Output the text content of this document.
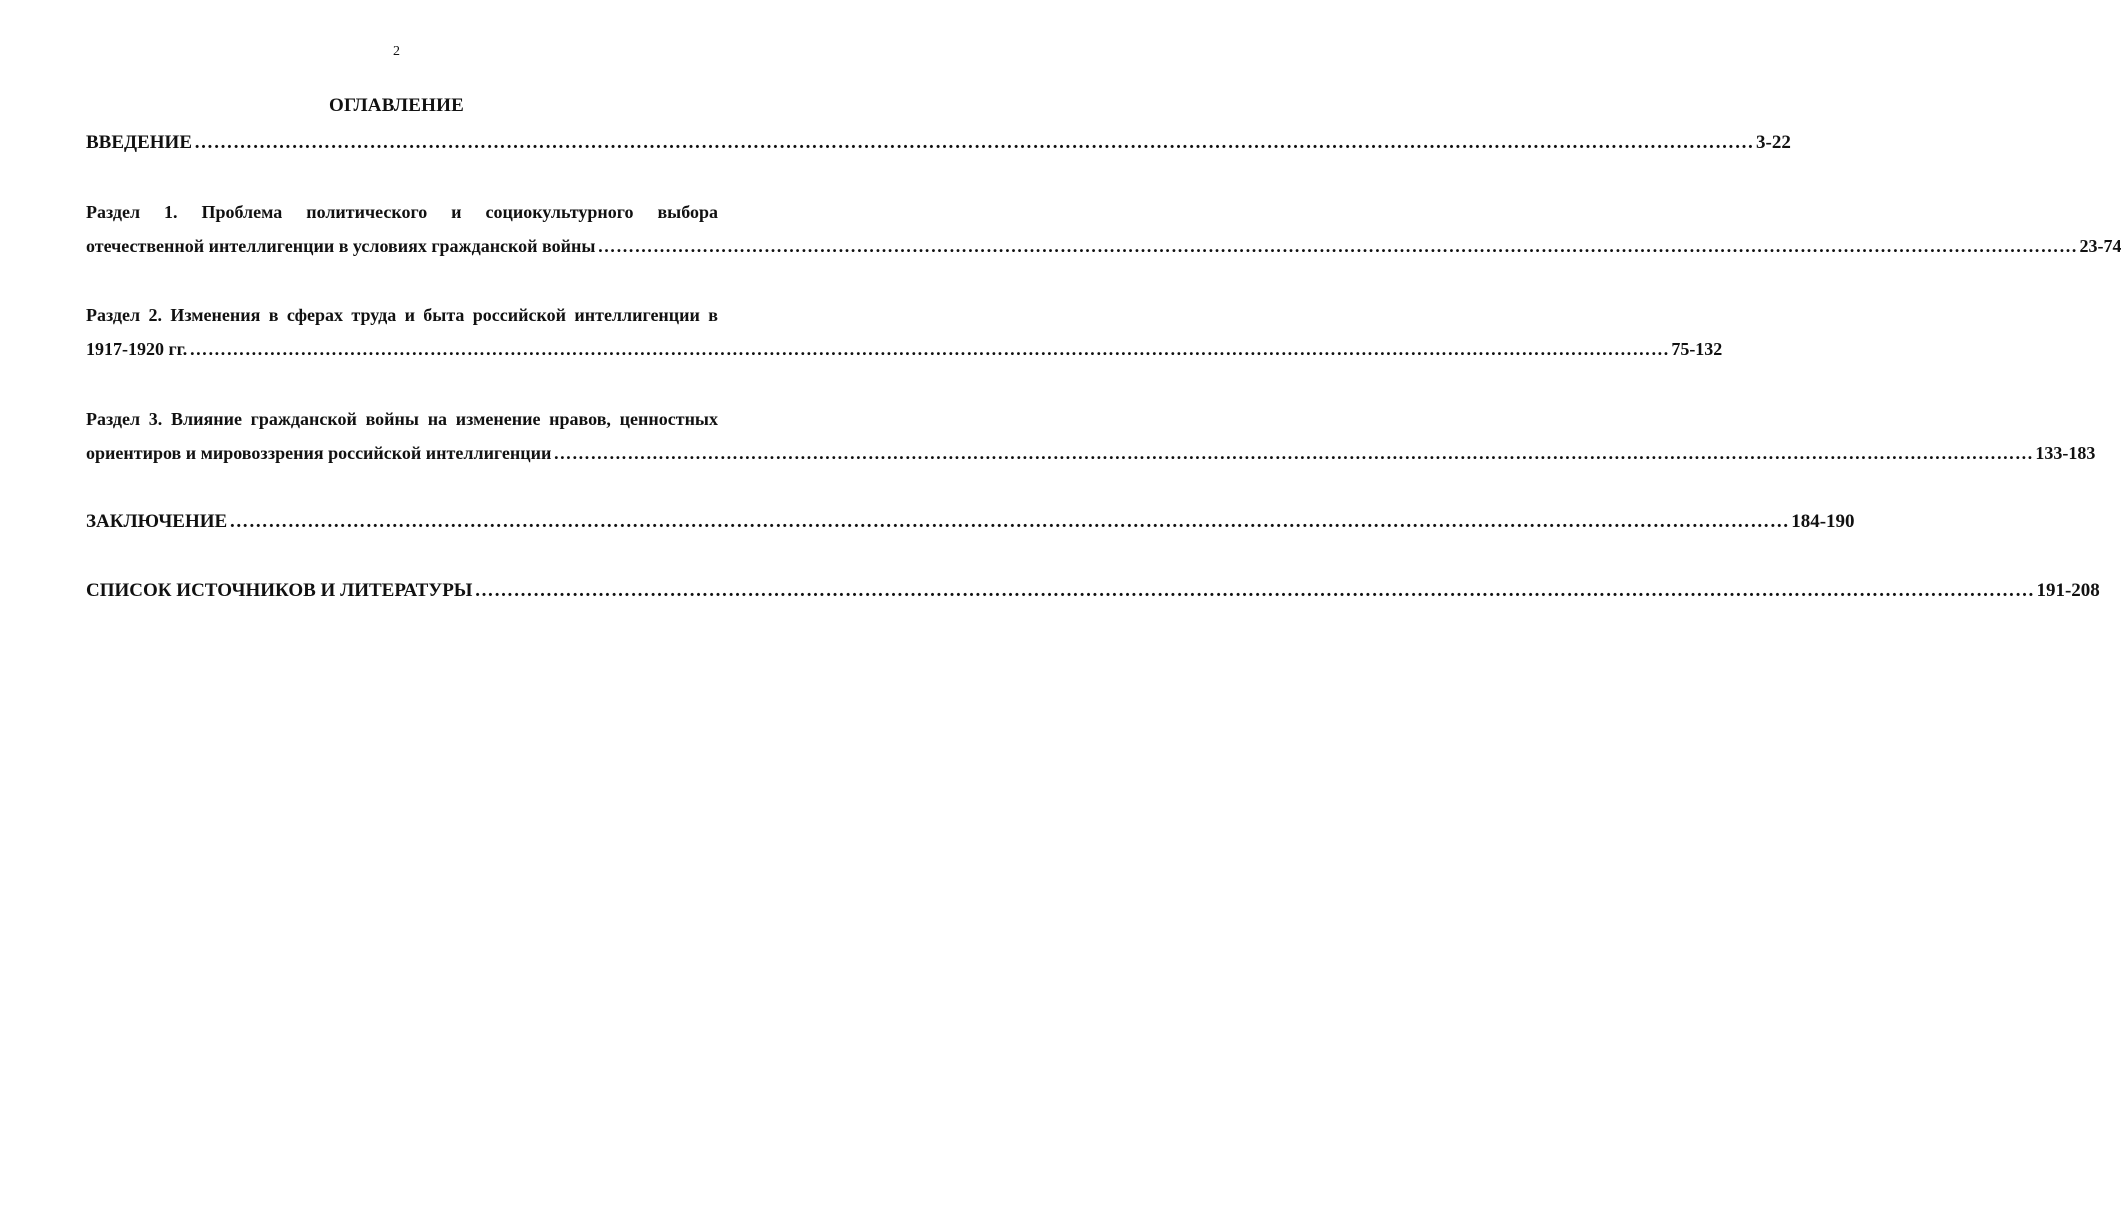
2
ОГЛАВЛЕНИЕ
ВВЕДЕНИЕ …………………………………………………………………………………………………………………………………………………………………………………………………………………… 3-22
Раздел 1. Проблема политического и социокультурного выбора
отечественной интеллигенции в условиях гражданской войны …………………………………………………………………………………………………………………………………………………………………………………………………………………… 23-74
Раздел 2. Изменения в сферах труда и быта российской интеллигенции в
1917-1920 гг. …………………………………………………………………………………………………………………………………………………………………………………………………………………… 75-132
Раздел 3. Влияние гражданской войны на изменение нравов, ценностных
ориентиров и мировоззрения российской интеллигенции …………………………………………………………………………………………………………………………………………………………………………………………………………………… 133-183
ЗАКЛЮЧЕНИЕ …………………………………………………………………………………………………………………………………………………………………………………………………………………… 184-190
СПИСОК ИСТОЧНИКОВ И ЛИТЕРАТУРЫ …………………………………………………………………………………………………………………………………………………………………………………………………………………… 191-208
